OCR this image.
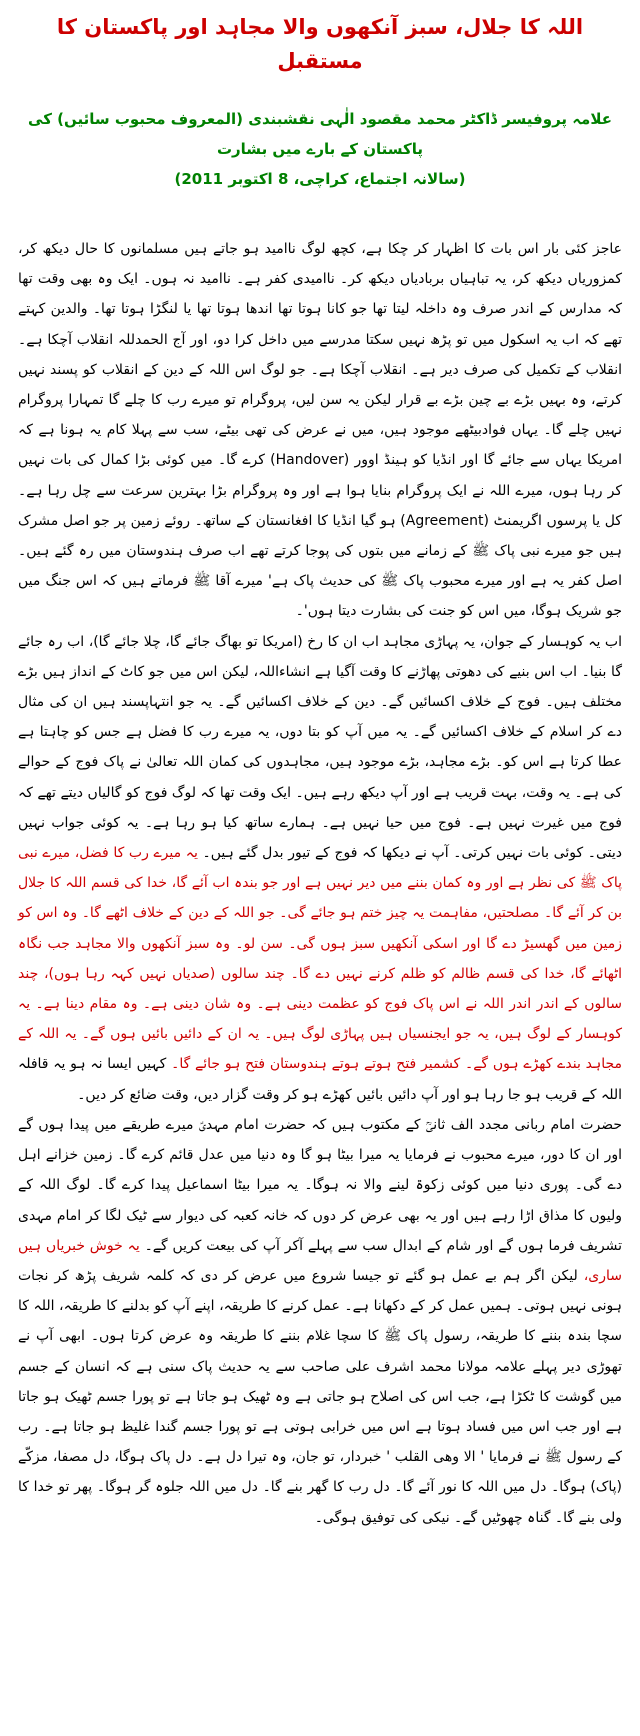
اللہ کا جلال، سبز آنکھوں والا مجاہد اور پاکستان کا مستقبل

علامہ پروفیسر ڈاکٹر محمد مقصود الٰہی نقشبندی (المعروف محبوب سائیں) کی پاکستان کے بارے میں بشارت

(سالانہ اجتماع، کراچی، 8 اکتوبر 2011)

عاجز کئی بار اس بات کا اظہار کر چکا ہے، کچھ لوگ ناامید ہو جاتے ہیں مسلمانوں کا حال دیکھ کر، کمزوریاں دیکھ کر، یہ تباہیاں بربادیاں دیکھ کر۔ ناامیدی کفر ہے۔ ناامید نہ ہوں۔ ایک وہ بھی وقت تھا کہ مدارس کے اندر صرف وہ داخلہ لیتا تھا جو کانا ہوتا تھا اندھا ہوتا تھا یا لنگڑا ہوتا تھا۔ والدین کہتے تھے کہ اب یہ اسکول میں تو پڑھ نہیں سکتا مدرسے میں داخل کرا دو، اور آج الحمدللہ انقلاب آچکا ہے۔ انقلاب کے تکمیل کی صرف دیر ہے۔ انقلاب آچکا ہے۔ جو لوگ اس اللہ کے دین کے انقلاب کو پسند نہیں کرتے، وہ بہیں بڑے بے چین بڑے بے قرار لیکن یہ سن لیں، پروگرام تو میرے رب کا چلے گا تمہارا پروگرام نہیں چلے گا۔ یہاں فوادبیٹھے موجود ہیں، میں نے عرض کی تھی بیٹے، سب سے پہلا کام یہ ہونا ہے کہ امریکا یہاں سے جائے گا اور انڈیا کو ہینڈ اوور (Handover) کرے گا۔ میں کوئی بڑا کمال کی بات نہیں کر رہا ہوں، میرے اللہ نے ایک پروگرام بنایا ہوا ہے اور وہ پروگرام بڑا بہترین سرعت سے چل رہا ہے۔ کل یا پرسوں اگریمنٹ (Agreement) ہو گیا انڈیا کا افغانستان کے ساتھ۔ روئے زمین پر جو اصل مشرک ہیں جو میرے نبی پاک ﷺ کے زمانے میں بتوں کی پوجا کرتے تھے اب صرف ہندوستان میں رہ گئے ہیں۔ اصل کفر یہ ہے اور میرے محبوب پاک ﷺ کی حدیث پاک ہے' میرے آقا ﷺ فرماتے ہیں کہ اس جنگ میں جو شریک ہوگا، میں اس کو جنت کی بشارت دیتا ہوں'۔

اب یہ کوہسار کے جوان، یہ پہاڑی مجاہد اب ان کا رخ (امریکا تو بھاگ جائے گا، چلا جائے گا)، اب رہ جائے گا بنیا۔ اب اس بنیے کی دھوتی پھاڑنے کا وقت آگیا ہے انشاءاللہ، لیکن اس میں جو کاٹ کے انداز ہیں بڑے مختلف ہیں۔ فوج کے خلاف اکسائیں گے۔ دین کے خلاف اکسائیں گے۔ یہ جو انتہاپسند ہیں ان کی مثال دے کر اسلام کے خلاف اکسائیں گے۔ یہ میں آپ کو بتا دوں، یہ میرے رب کا فضل ہے جس کو چاہتا ہے عطا کرتا ہے اس کو۔ بڑے مجاہد، بڑے موجود ہیں، مجاہدوں کی کمان اللہ تعالیٰ نے پاک فوج کے حوالے کی ہے۔ یہ وقت، بہت قریب ہے اور آپ دیکھ رہے ہیں۔ ایک وقت تھا کہ لوگ فوج کو گالیاں دیتے تھے کہ فوج میں غیرت نہیں ہے۔ فوج میں حیا نہیں ہے۔ ہمارے ساتھ کیا ہو رہا ہے۔ یہ کوئی جواب نہیں دیتی۔ کوئی بات نہیں کرتی۔ آپ نے دیکھا کہ فوج کے تیور بدل گئے ہیں۔ یہ میرے رب کا فضل، میرے نبی پاک ﷺ کی نظر ہے اور وہ کمان بننے میں دیر نہیں ہے اور جو بندہ اب آئے گا، خدا کی قسم اللہ کا جلال بن کر آئے گا۔ مصلحتیں، مفاہمت یہ چیز ختم ہو جائے گی۔ جو اللہ کے دین کے خلاف اٹھے گا۔ وہ اس کو زمین میں گھسیڑ دے گا اور اسکی آنکھیں سبز ہوں گی۔ سن لو۔ وہ سبز آنکھوں والا مجاہد جب نگاہ اٹھائے گا، خدا کی قسم ظالم کو ظلم کرنے نہیں دے گا۔ چند سالوں (صدیاں نہیں کہہ رہا ہوں)، چند سالوں کے اندر اندر اللہ نے اس پاک فوج کو عظمت دینی ہے۔ وہ شان دینی ہے۔ وہ مقام دینا ہے۔ یہ کوہسار کے لوگ ہیں، یہ جو ایجنسیاں ہیں پہاڑی لوگ ہیں۔ یہ ان کے دائیں بائیں ہوں گے۔ یہ اللہ کے مجاہد بندے کھڑے ہوں گے۔ کشمیر فتح ہوتے ہوتے ہندوستان فتح ہو جائے گا۔ کہیں ایسا نہ ہو یہ قافلہ اللہ کے قریب ہو جا رہا ہو اور آپ دائیں بائیں کھڑے ہو کر وقت گزار دیں، وقت ضائع کر دیں۔

حضرت امام ربانی مجدد الف ثانیؒ کے مکتوب ہیں کہ حضرت امام مہدیؑ میرے طریقے میں پیدا ہوں گے اور ان کا دور، میرے محبوب نے فرمایا یہ میرا بیٹا ہو گا وہ دنیا میں عدل قائم کرے گا۔ زمین خزانے اہل دے گی۔ پوری دنیا میں کوئی زکوۃ لینے والا نہ ہوگا۔ یہ میرا بیٹا اسماعیل پیدا کرے گا۔ لوگ اللہ کے ولیوں کا مذاق اڑا رہے ہیں اور یہ بھی عرض کر دوں کہ خانہ کعبہ کی دیوار سے ٹیک لگا کر امام مہدی تشریف فرما ہوں گے اور شام کے ابدال سب سے پہلے آکر آپ کی بیعت کریں گے۔ یہ خوش خبریاں ہیں ساری، لیکن اگر ہم بے عمل ہو گئے تو جیسا شروع میں عرض کر دی کہ کلمہ شریف پڑھ کر نجات ہونی نہیں ہوتی۔ ہمیں عمل کر کے دکھانا ہے۔ عمل کرنے کا طریقہ، اپنے آپ کو بدلنے کا طریقہ، اللہ کا سچا بندہ بننے کا طریقہ، رسول پاک ﷺ کا سچا غلام بننے کا طریقہ وہ عرض کرتا ہوں۔ ابھی آپ نے تھوڑی دیر پہلے علامہ مولانا محمد اشرف علی صاحب سے یہ حدیث پاک سنی ہے کہ انسان کے جسم میں گوشت کا ٹکڑا ہے، جب اس کی اصلاح ہو جاتی ہے وہ ٹھیک ہو جاتا ہے تو پورا جسم ٹھیک ہو جاتا ہے اور جب اس میں فساد ہوتا ہے اس میں خرابی ہوتی ہے تو پورا جسم گندا غلیظ ہو جاتا ہے۔ رب کے رسول ﷺ نے فرمایا ' الا وھی القلب ' خبردار، تو جان، وہ تیرا دل ہے۔ دل پاک ہوگا، دل مصفا، مزکّے (پاک) ہوگا۔ دل میں اللہ کا نور آئے گا۔ دل رب کا گھر بنے گا۔ دل میں اللہ جلوہ گر ہوگا۔ پھر تو خدا کا ولی بنے گا۔ گناہ چھوٹیں گے۔ نیکی کی توفیق ہوگی۔
